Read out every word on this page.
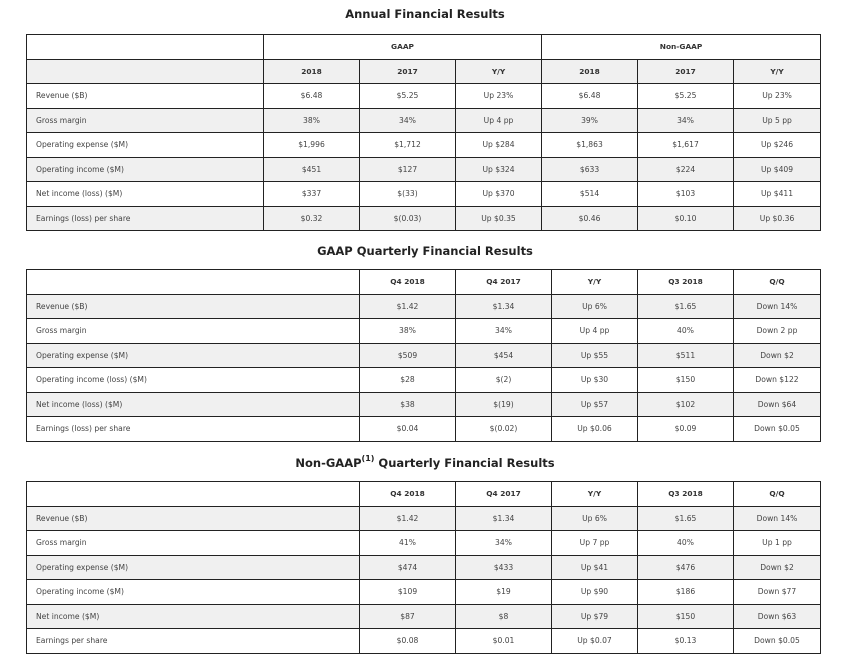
Annual Financial Results
	GAAP			Non-GAAP		
	2018	2017	Y/Y	2018	2017	Y/Y
Revenue ($B)	$6.48	$5.25	Up 23%	$6.48	$5.25	Up 23%
Gross margin	38%	34%	Up 4 pp	39%	34%	Up 5 pp
Operating expense ($M)	$1,996	$1,712	Up $284	$1,863	$1,617	Up $246
Operating income ($M)	$451	$127	Up $324	$633	$224	Up $409
Net income (loss) ($M)	$337	$(33)	Up $370	$514	$103	Up $411
Earnings (loss) per share	$0.32	$(0.03)	Up $0.35	$0.46	$0.10	Up $0.36
GAAP Quarterly Financial Results
	Q4 2018	Q4 2017	Y/Y	Q3 2018	Q/Q
Revenue ($B)	$1.42	$1.34	Up 6%	$1.65	Down 14%
Gross margin	38%	34%	Up 4 pp	40%	Down 2 pp
Operating expense ($M)	$509	$454	Up $55	$511	Down $2
Operating income (loss) ($M)	$28	$(2)	Up $30	$150	Down $122
Net income (loss) ($M)	$38	$(19)	Up $57	$102	Down $64
Earnings (loss) per share	$0.04	$(0.02)	Up $0.06	$0.09	Down $0.05
Non-GAAP$^{(1)}$ Quarterly Financial Results
	Q4 2018	Q4 2017	Y/Y	Q3 2018	Q/Q
Revenue ($B)	$1.42	$1.34	Up 6%	$1.65	Down 14%
Gross margin	41%	34%	Up 7 pp	40%	Up 1 pp
Operating expense ($M)	$474	$433	Up $41	$476	Down $2
Operating income ($M)	$109	$19	Up $90	$186	Down $77
Net income ($M)	$87	$8	Up $79	$150	Down $63
Earnings per share	$0.08	$0.01	Up $0.07	$0.13	Down $0.05
